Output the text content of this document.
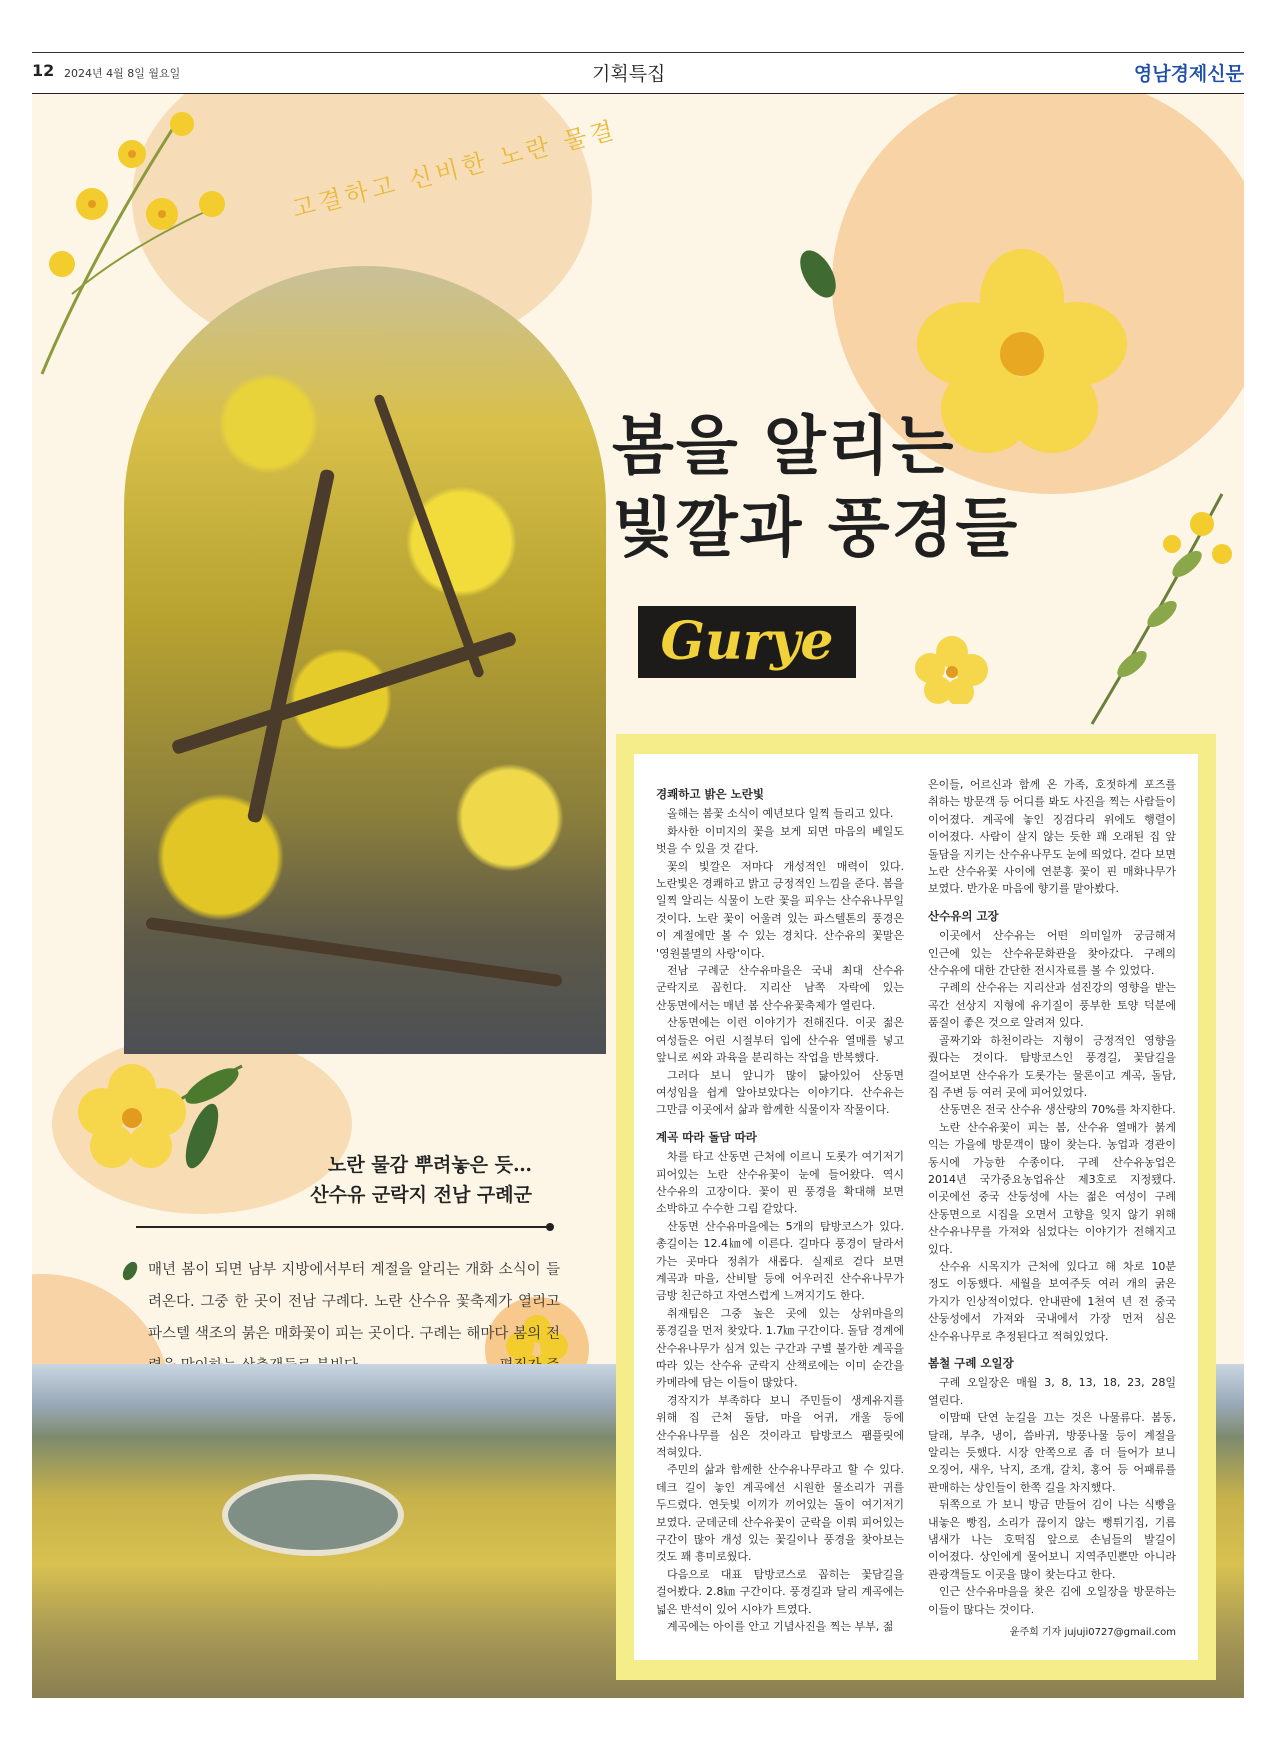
12 2024년 4월 8일 월요일	기획특집	영남경제신문
고결하고 신비한 노란 물결
봄을 알리는
빛깔과 풍경들
Gurye
노란 물감 뿌려놓은 듯…
산수유 군락지 전남 구례군
매년 봄이 되면 남부 지방에서부터 계절을 알리는 개화 소식이 들려온다. 그중 한 곳이 전남 구례다. 노란 산수유 꽃축제가 열리고 파스텔 색조의 붉은 매화꽃이 피는 곳이다. 구례는 해마다 봄의 전
경쾌하고 밝은 노란빛

올해는 봄꽃 소식이 예년보다 일찍 들리고 있다.

화사한 이미지의 꽃을 보게 되면 마음의 베일도 벗을 수 있을 것 같다.

꽃의 빛깔은 저마다 개성적인 매력이 있다. 노란빛은 경쾌하고 밝고 긍정적인 느낌을 준다. 봄을 일찍 알리는 식물이 노란 꽃을 피우는 산수유나무일 것이다. 노란 꽃이 어울려 있는 파스텔톤의 풍경은 이 계절에만 볼 수 있는 경치다. 산수유의 꽃말은 '영원불멸의 사랑'이다.

전남 구례군 산수유마을은 국내 최대 산수유 군락지로 꼽힌다. 지리산 남쪽 자락에 있는 산동면에서는 매년 봄 산수유꽃축제가 열린다.

산동면에는 이런 이야기가 전해진다. 이곳 젊은 여성들은 어린 시절부터 입에 산수유 열매를 넣고 앞니로 씨와 과육을 분리하는 작업을 반복했다.

그러다 보니 앞니가 많이 닳아있어 산동면 여성임을 쉽게 알아보았다는 이야기다. 산수유는 그만큼 이곳에서 삶과 함께한 식물이자 작물이다.

계곡 따라 돌담 따라

차를 타고 산동면 근처에 이르니 도롯가 여기저기 피어있는 노란 산수유꽃이 눈에 들어왔다. 역시 산수유의 고장이다. 꽃이 핀 풍경을 확대해 보면 소박하고 수수한 그림 같았다.

산동면 산수유마을에는 5개의 탐방코스가 있다. 총길이는 12.4㎞에 이른다. 길마다 풍경이 달라서 가는 곳마다 정취가 새롭다. 실제로 걷다 보면 계곡과 마을, 산비탈 등에 어우러진 산수유나무가 금방 친근하고 자연스럽게 느껴지기도 한다.

취재팀은 그중 높은 곳에 있는 상위마을의 풍경길을 먼저 찾았다. 1.7㎞ 구간이다. 돌담 경계에 산수유나무가 심겨 있는 구간과 구별 불가한 계곡을 따라 있는 산수유 군락지 산책로에는 이미 순간을 카메라에 담는 이들이 많았다.

경작지가 부족하다 보니 주민들이 생계유지를 위해 집 근처 돌담, 마을 어귀, 개울 등에 산수유나무를 심은 것이라고 탐방코스 팸플릿에 적혀있다.

주민의 삶과 함께한 산수유나무라고 할 수 있다. 데크 길이 놓인 계곡에선 시원한 물소리가 귀를 두드렸다. 연둣빛 이끼가 끼어있는 돌이 여기저기 보였다. 군데군데 산수유꽃이 군락을 이뤄 피어있는 구간이 많아 개성 있는 꽃길이나 풍경을 찾아보는 것도 꽤 흥미로웠다.

다음으로 대표 탐방코스로 꼽히는 꽃담길을 걸어봤다. 2.8㎞ 구간이다. 풍경길과 달리 계곡에는 넓은 반석이 있어 시야가 트였다.

계곡에는 아이를 안고 기념사진을 찍는 부부, 젊

은이들, 어르신과 함께 온 가족, 호젓하게 포즈를 취하는 방문객 등 어디를 봐도 사진을 찍는 사람들이 이어졌다. 계곡에 놓인 징검다리 위에도 행렬이 이어졌다. 사람이 살지 않는 듯한 꽤 오래된 집 앞 돌담을 지키는 산수유나무도 눈에 띄었다. 걷다 보면 노란 산수유꽃 사이에 연분홍 꽃이 핀 매화나무가 보였다. 반가운 마음에 향기를 맡아봤다.

산수유의 고장

이곳에서 산수유는 어떤 의미일까 궁금해져 인근에 있는 산수유문화관을 찾아갔다. 구례의 산수유에 대한 간단한 전시자료를 볼 수 있었다.

구례의 산수유는 지리산과 섬진강의 영향을 받는 곡간 선상지 지형에 유기질이 풍부한 토양 덕분에 품질이 좋은 것으로 알려져 있다.

골짜기와 하천이라는 지형이 긍정적인 영향을 줬다는 것이다. 탐방코스인 풍경길, 꽃담길을 걸어보면 산수유가 도롯가는 물론이고 계곡, 돌담, 집 주변 등 여러 곳에 피어있었다.

산동면은 전국 산수유 생산량의 70%를 차지한다.

노란 산수유꽃이 피는 봄, 산수유 열매가 붉게 익는 가을에 방문객이 많이 찾는다. 농업과 경관이 동시에 가능한 수종이다. 구례 산수유농업은 2014년 국가중요농업유산 제3호로 지정됐다. 이곳에선 중국 산둥성에 사는 젊은 여성이 구례 산동면으로 시집을 오면서 고향을 잊지 않기 위해 산수유나무를 가져와 심었다는 이야기가 전해지고 있다.

산수유 시목지가 근처에 있다고 해 차로 10분 정도 이동했다. 세월을 보여주듯 여러 개의 굵은 가지가 인상적이었다. 안내판에 1천여 년 전 중국 산둥성에서 가져와 국내에서 가장 먼저 심은 산수유나무로 추정된다고 적혀있었다.

봄철 구례 오일장

구례 오일장은 매월 3, 8, 13, 18, 23, 28일 열린다.

이맘때 단연 눈길을 끄는 것은 나물류다. 봄동, 달래, 부추, 냉이, 씀바귀, 방풍나물 등이 계절을 알리는 듯했다. 시장 안쪽으로 좀 더 들어가 보니 오징어, 새우, 낙지, 조개, 갈치, 홍어 등 어패류를 판매하는 상인들이 한쪽 길을 차지했다.

뒤쪽으로 가 보니 방금 만들어 김이 나는 식빵을 내놓은 빵집, 소리가 끊이지 않는 뻥튀기집, 기름 냄새가 나는 호떡집 앞으로 손님들의 발길이 이어졌다. 상인에게 물어보니 지역주민뿐만 아니라 관광객들도 이곳을 많이 찾는다고 한다.

인근 산수유마을을 찾은 김에 오일장을 방문하는 이들이 많다는 것이다.

윤주희 기자 jujuji0727@gmail.com
